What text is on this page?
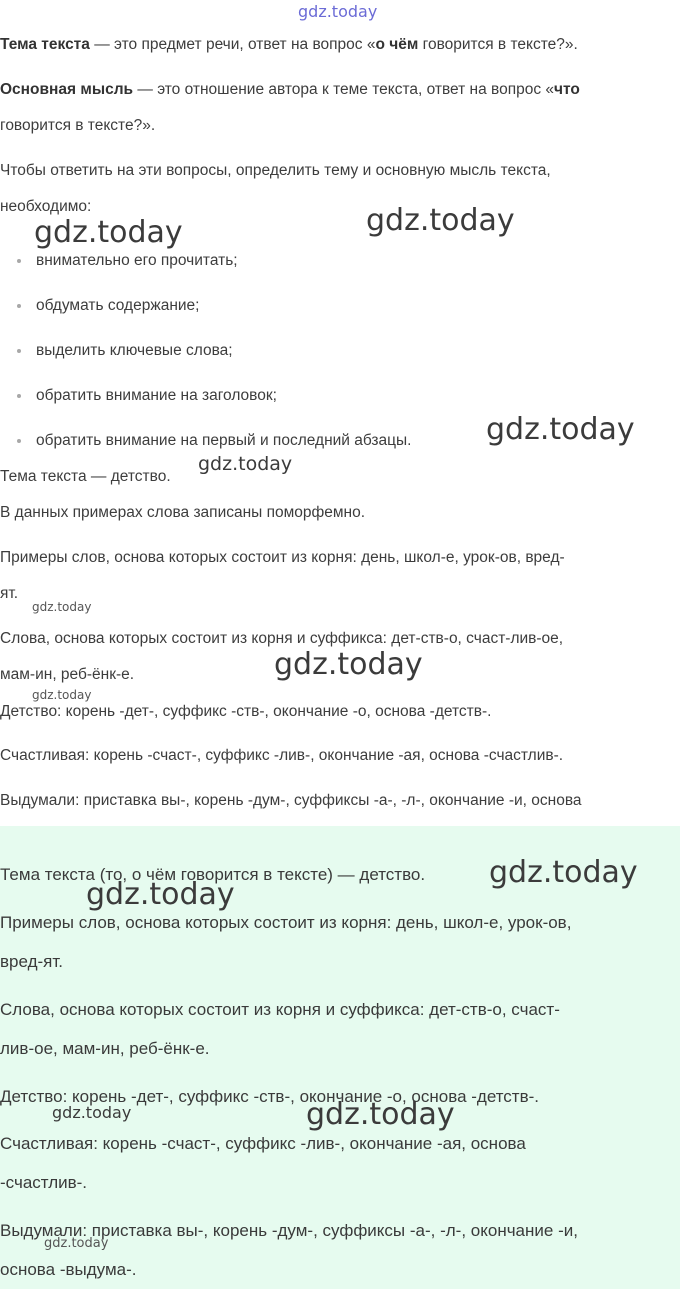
gdz.today
Тема текста — это предмет речи, ответ на вопрос «о чём говорится в тексте?».
Основная мысль — это отношение автора к теме текста, ответ на вопрос «что
говорится в тексте?».
Чтобы ответить на эти вопросы, определить тему и основную мысль текста,
необходимо:
внимательно его прочитать;
обдумать содержание;
выделить ключевые слова;
обратить внимание на заголовок;
обратить внимание на первый и последний абзацы.
Тема текста — детство.
В данных примерах слова записаны поморфемно.
Примеры слов, основа которых состоит из корня: день, школ-е, урок-ов, вред-
ят.
Слова, основа которых состоит из корня и суффикса: дет-ств-о, счаст-лив-ое,
мам-ин, реб-ёнк-е.
Детство: корень -дет-, суффикс -ств-, окончание -о, основа -детств-.
Счастливая: корень -счаст-, суффикс -лив-, окончание -ая, основа -счастлив-.
Выдумали: приставка вы-, корень -дум-, суффиксы -а-, -л-, окончание -и, основа
Тема текста (то, о чём говорится в тексте) — детство.
Примеры слов, основа которых состоит из корня: день, школ-е, урок-ов,
вред-ят.
Слова, основа которых состоит из корня и суффикса: дет-ств-о, счаст-
лив-ое, мам-ин, реб-ёнк-е.
Детство: корень -дет-, суффикс -ств-, окончание -о, основа -детств-.
Счастливая: корень -счаст-, суффикс -лив-, окончание -ая, основа
-счастлив-.
Выдумали: приставка вы-, корень -дум-, суффиксы -а-, -л-, окончание -и,
основа -выдума-.
gdz.today
gdz.today
gdz.today
gdz.today
gdz.today
gdz.today
gdz.today
gdz.today
gdz.today
gdz.today	gdz.today
gdz.today
